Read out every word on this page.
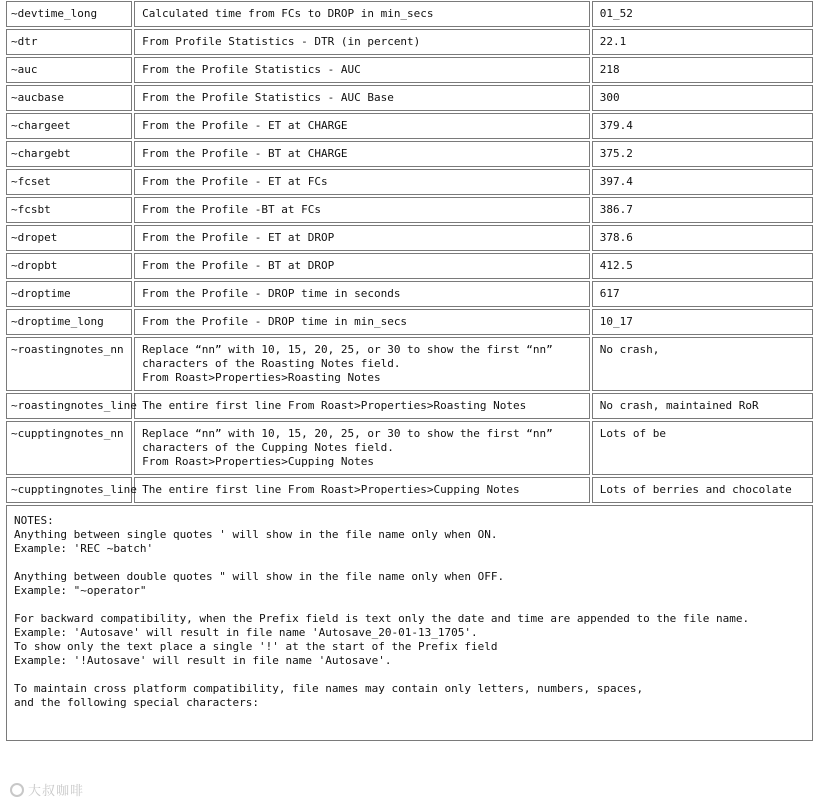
~devtime_long	Calculated time from FCs to DROP in min_secs	01_52
~dtr	From Profile Statistics - DTR (in percent)	22.1
~auc	From the Profile Statistics - AUC	218
~aucbase	From the Profile Statistics - AUC Base	300
~chargeet	From the Profile - ET at CHARGE	379.4
~chargebt	From the Profile - BT at CHARGE	375.2
~fcset	From the Profile - ET at FCs	397.4
~fcsbt	From the Profile -BT at FCs	386.7
~dropet	From the Profile - ET at DROP	378.6
~dropbt	From the Profile - BT at DROP	412.5
~droptime	From the Profile - DROP time in seconds	617
~droptime_long	From the Profile - DROP time in min_secs	10_17
~roastingnotes_nn	Replace “nn” with 10, 15, 20, 25, or 30 to show the first “nn”
characters of the Roasting Notes field.
From Roast>Properties>Roasting Notes	No crash,
~roastingnotes_line	The entire first line From Roast>Properties>Roasting Notes	No crash, maintained RoR
~cupptingnotes_nn	Replace “nn” with 10, 15, 20, 25, or 30 to show the first “nn”
characters of the Cupping Notes field.
From Roast>Properties>Cupping Notes	Lots of be
~cupptingnotes_line	The entire first line From Roast>Properties>Cupping Notes	Lots of berries and chocolate
NOTES:
Anything between single quotes ' will show in the file name only when ON.
Example: 'REC ~batch'

Anything between double quotes " will show in the file name only when OFF.
Example: "~operator"

For backward compatibility, when the Prefix field is text only the date and time are appended to the file name.
Example: 'Autosave' will result in file name 'Autosave_20-01-13_1705'.
To show only the text place a single '!' at the start of the Prefix field
Example: '!Autosave' will result in file name 'Autosave'.

To maintain cross platform compatibility, file names may contain only letters, numbers, spaces,
and the following special characters:
大叔咖啡
